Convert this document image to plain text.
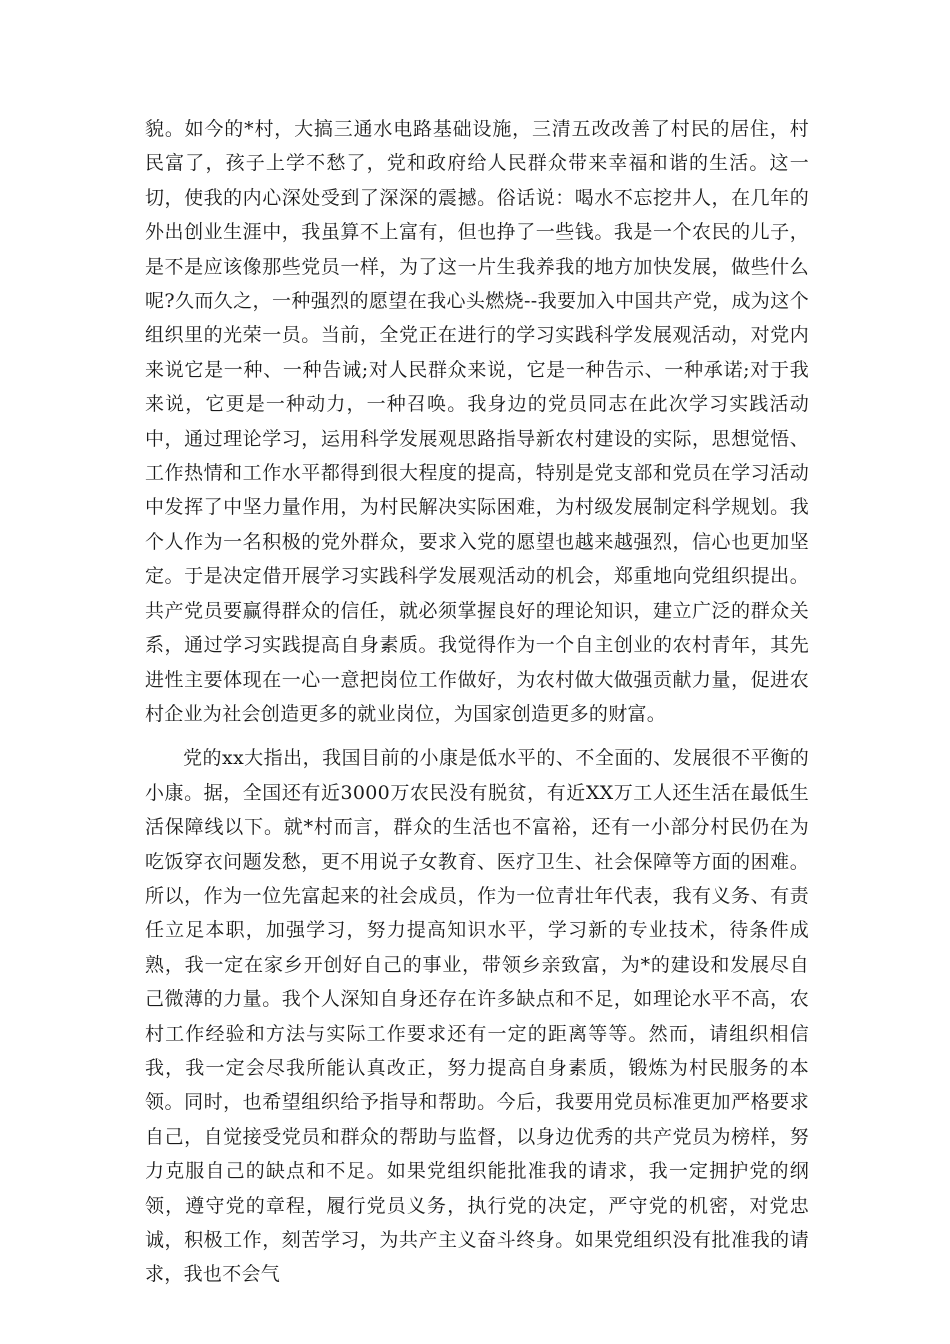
貌。如今的*村，大搞三通水电路基础设施，三清五改改善了村民的居住，村民富了，孩子上学不愁了，党和政府给人民群众带来幸福和谐的生活。这一切，使我的内心深处受到了深深的震撼。俗话说：喝水不忘挖井人，在几年的外出创业生涯中，我虽算不上富有，但也挣了一些钱。我是一个农民的儿子，是不是应该像那些党员一样，为了这一片生我养我的地方加快发展，做些什么呢?久而久之，一种强烈的愿望在我心头燃烧--我要加入中国共产党，成为这个组织里的光荣一员。当前，全党正在进行的学习实践科学发展观活动，对党内来说它是一种、一种告诫;对人民群众来说，它是一种告示、一种承诺;对于我来说，它更是一种动力，一种召唤。我身边的党员同志在此次学习实践活动中，通过理论学习，运用科学发展观思路指导新农村建设的实际，思想觉悟、工作热情和工作水平都得到很大程度的提高，特别是党支部和党员在学习活动中发挥了中坚力量作用，为村民解决实际困难，为村级发展制定科学规划。我个人作为一名积极的党外群众，要求入党的愿望也越来越强烈，信心也更加坚定。于是决定借开展学习实践科学发展观活动的机会，郑重地向党组织提出。共产党员要赢得群众的信任，就必须掌握良好的理论知识，建立广泛的群众关系，通过学习实践提高自身素质。我觉得作为一个自主创业的农村青年，其先进性主要体现在一心一意把岗位工作做好，为农村做大做强贡献力量，促进农村企业为社会创造更多的就业岗位，为国家创造更多的财富。

党的xx大指出，我国目前的小康是低水平的、不全面的、发展很不平衡的小康。据，全国还有近3000万农民没有脱贫，有近XX万工人还生活在最低生活保障线以下。就*村而言，群众的生活也不富裕，还有一小部分村民仍在为吃饭穿衣问题发愁，更不用说子女教育、医疗卫生、社会保障等方面的困难。所以，作为一位先富起来的社会成员，作为一位青壮年代表，我有义务、有责任立足本职，加强学习，努力提高知识水平，学习新的专业技术，待条件成熟，我一定在家乡开创好自己的事业，带领乡亲致富，为*的建设和发展尽自己微薄的力量。我个人深知自身还存在许多缺点和不足，如理论水平不高，农村工作经验和方法与实际工作要求还有一定的距离等等。然而，请组织相信我，我一定会尽我所能认真改正，努力提高自身素质，锻炼为村民服务的本领。同时，也希望组织给予指导和帮助。今后，我要用党员标准更加严格要求自己，自觉接受党员和群众的帮助与监督，以身边优秀的共产党员为榜样，努力克服自己的缺点和不足。如果党组织能批准我的请求，我一定拥护党的纲领，遵守党的章程，履行党员义务，执行党的决定，严守党的机密，对党忠诚，积极工作，刻苦学习，为共产主义奋斗终身。如果党组织没有批准我的请求，我也不会气
